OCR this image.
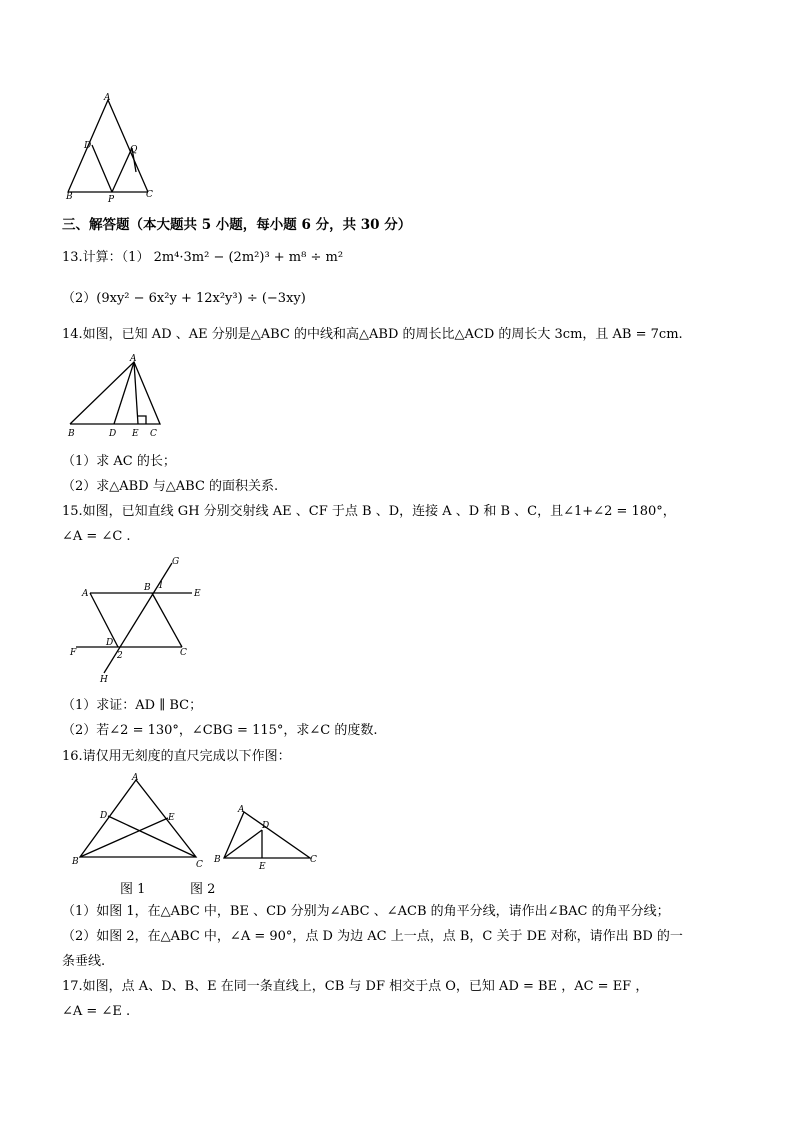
A
D	Q
B	P	C
三、解答题（本大题共 5 小题，每小题 6 分，共 30 分）
13.计算：（1） 2m⁴·3m² − (2m²)³ + m⁸ ÷ m²
（2）(9xy² − 6x²y + 12x²y³) ÷ (−3xy)
14.如图，已知 AD 、AE 分别是△ABC 的中线和高△ABD 的周长比△ACD 的周长大 3cm，且 AB = 7cm.
A
B	D E C
（1）求 AC 的长；
（2）求△ABD 与△ABC 的面积关系.
15.如图，已知直线 GH 分别交射线 AE 、CF 于点 B 、D，连接 A 、D 和 B 、C，且∠1+∠2 = 180°，
∠A = ∠C .
G
B 1
A	E
D
2
F	C
H
（1）求证：AD ∥ BC；
（2）若∠2 = 130°，∠CBG = 115°，求∠C 的度数.
16.请仅用无刻度的直尺完成以下作图：
A
D	E
B	C
A
D
B
E
C
图 1	图 2
（1）如图 1，在△ABC 中，BE 、CD 分别为∠ABC 、∠ACB 的角平分线，请作出∠BAC 的角平分线；
（2）如图 2，在△ABC 中，∠A = 90°，点 D 为边 AC 上一点，点 B，C 关于 DE 对称，请作出 BD 的一
条垂线.
17.如图，点 A、D、B、E 在同一条直线上，CB 与 DF 相交于点 O，已知 AD = BE ，AC = EF ，
∠A = ∠E .
